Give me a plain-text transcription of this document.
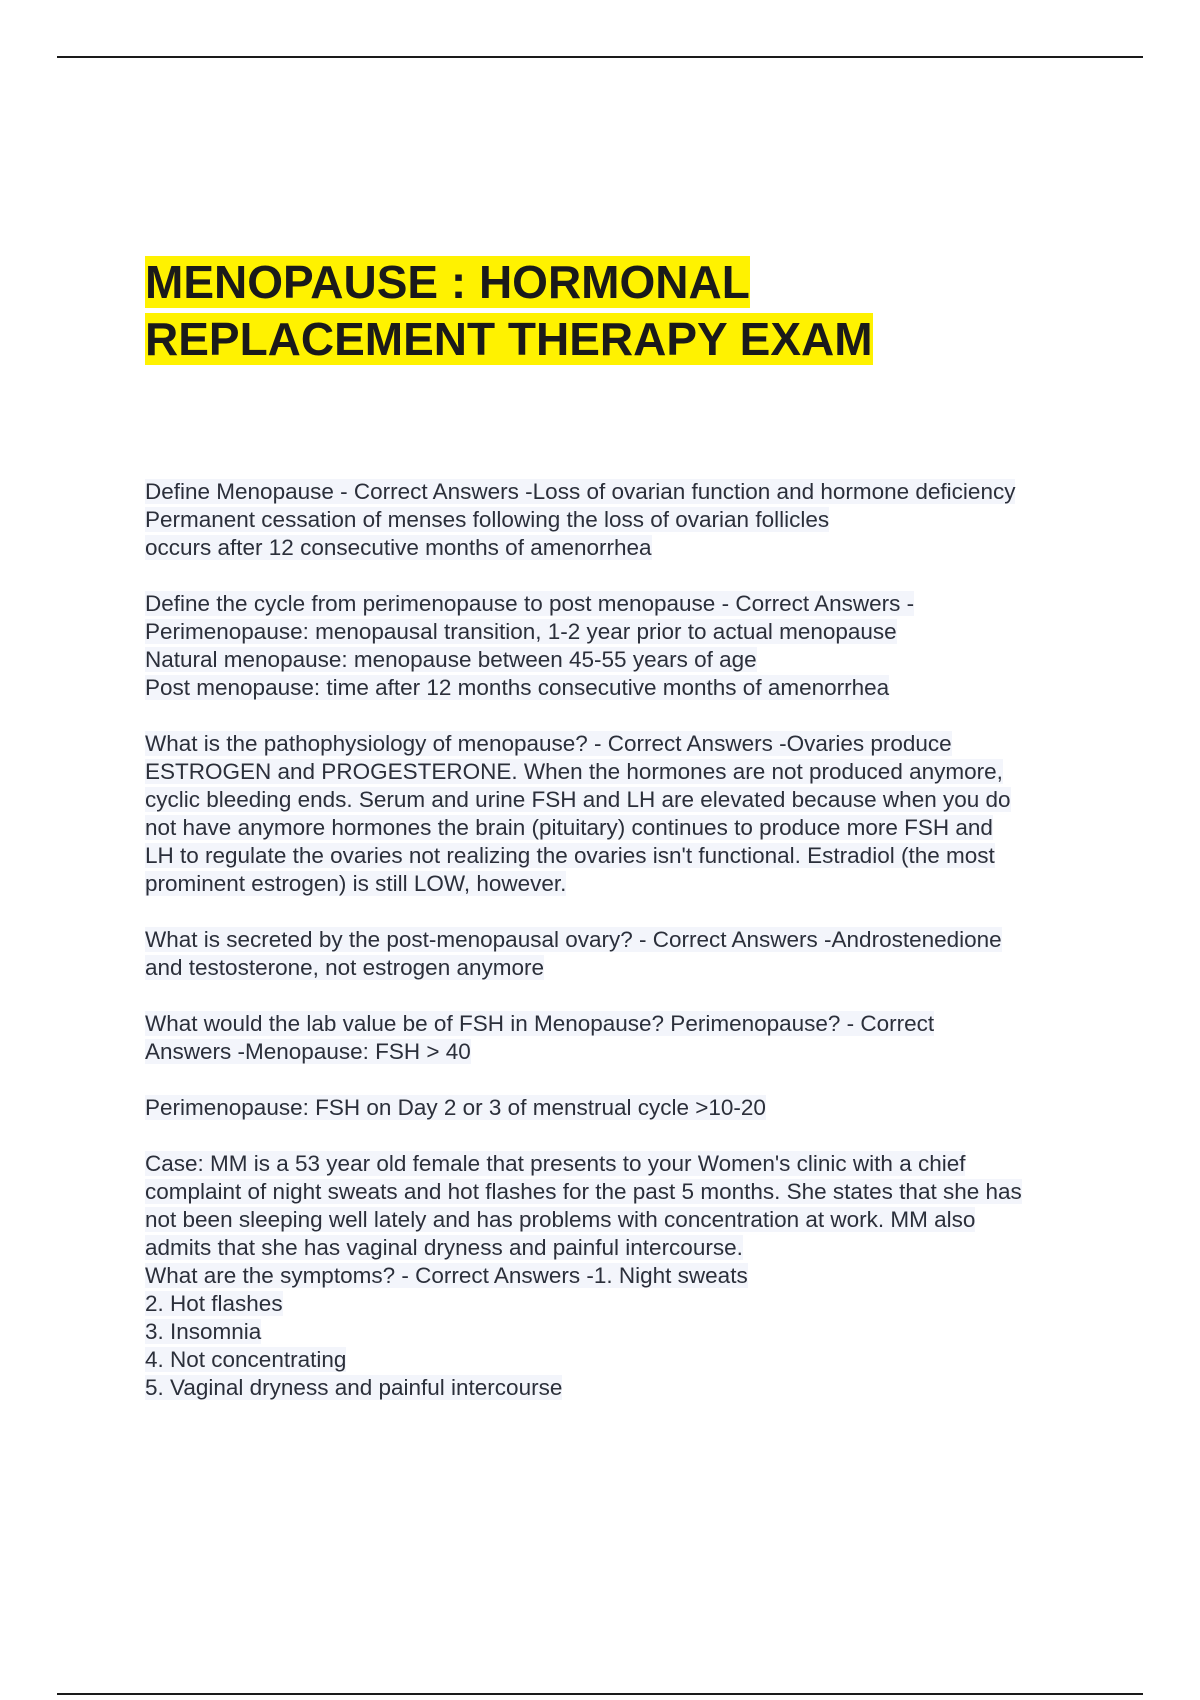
MENOPAUSE : HORMONAL
REPLACEMENT THERAPY EXAM

Define Menopause - Correct Answers -Loss of ovarian function and hormone deficiency
Permanent cessation of menses following the loss of ovarian follicles
occurs after 12 consecutive months of amenorrhea

Define the cycle from perimenopause to post menopause - Correct Answers -
Perimenopause: menopausal transition, 1-2 year prior to actual menopause
Natural menopause: menopause between 45-55 years of age
Post menopause: time after 12 months consecutive months of amenorrhea

What is the pathophysiology of menopause? - Correct Answers -Ovaries produce
ESTROGEN and PROGESTERONE. When the hormones are not produced anymore,
cyclic bleeding ends. Serum and urine FSH and LH are elevated because when you do
not have anymore hormones the brain (pituitary) continues to produce more FSH and
LH to regulate the ovaries not realizing the ovaries isn't functional. Estradiol (the most
prominent estrogen) is still LOW, however.

What is secreted by the post-menopausal ovary? - Correct Answers -Androstenedione
and testosterone, not estrogen anymore

What would the lab value be of FSH in Menopause? Perimenopause? - Correct
Answers -Menopause: FSH > 40

Perimenopause: FSH on Day 2 or 3 of menstrual cycle >10-20

Case: MM is a 53 year old female that presents to your Women's clinic with a chief
complaint of night sweats and hot flashes for the past 5 months. She states that she has
not been sleeping well lately and has problems with concentration at work. MM also
admits that she has vaginal dryness and painful intercourse.
What are the symptoms? - Correct Answers -1. Night sweats
2. Hot flashes
3. Insomnia
4. Not concentrating
5. Vaginal dryness and painful intercourse
